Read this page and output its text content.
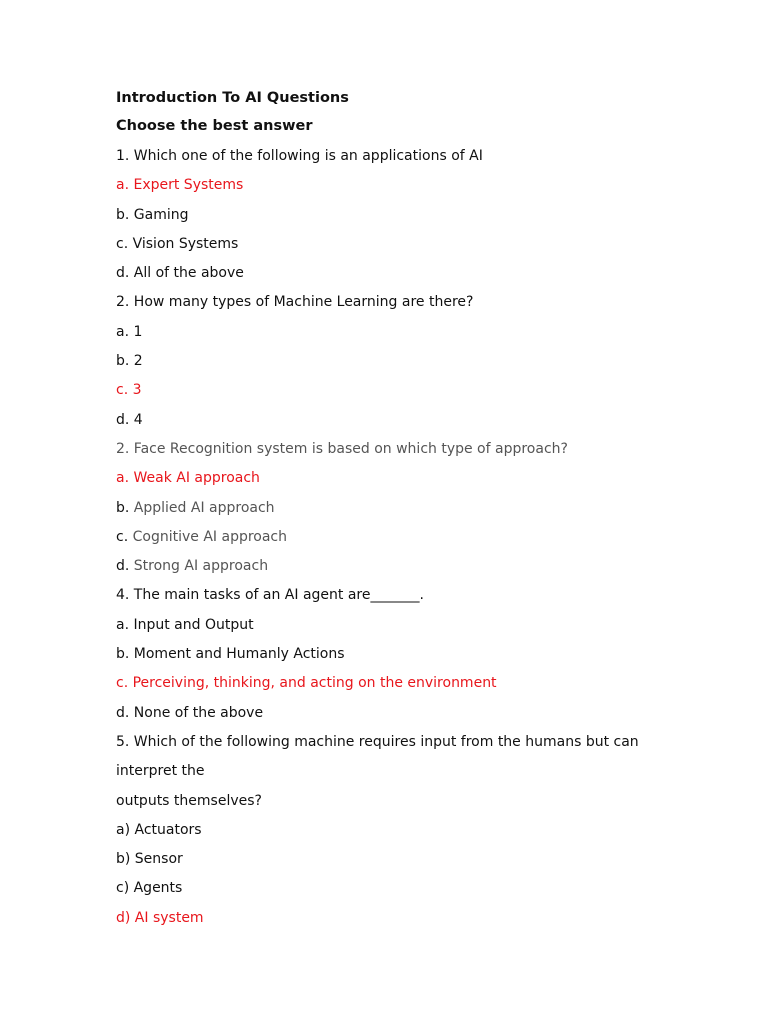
Introduction To AI Questions
Choose the best answer
1. Which one of the following is an applications of AI
a. Expert Systems
b. Gaming
c. Vision Systems
d. All of the above
2. How many types of Machine Learning are there?
a. 1
b. 2
c. 3
d. 4
2. Face Recognition system is based on which type of approach?
a. Weak AI approach
b. Applied AI approach
c. Cognitive AI approach
d. Strong AI approach
4. The main tasks of an AI agent are_______.
a. Input and Output
b. Moment and Humanly Actions
c. Perceiving, thinking, and acting on the environment
d. None of the above
5. Which of the following machine requires input from the humans but can
interpret the
outputs themselves?
a) Actuators
b) Sensor
c) Agents
d) AI system
